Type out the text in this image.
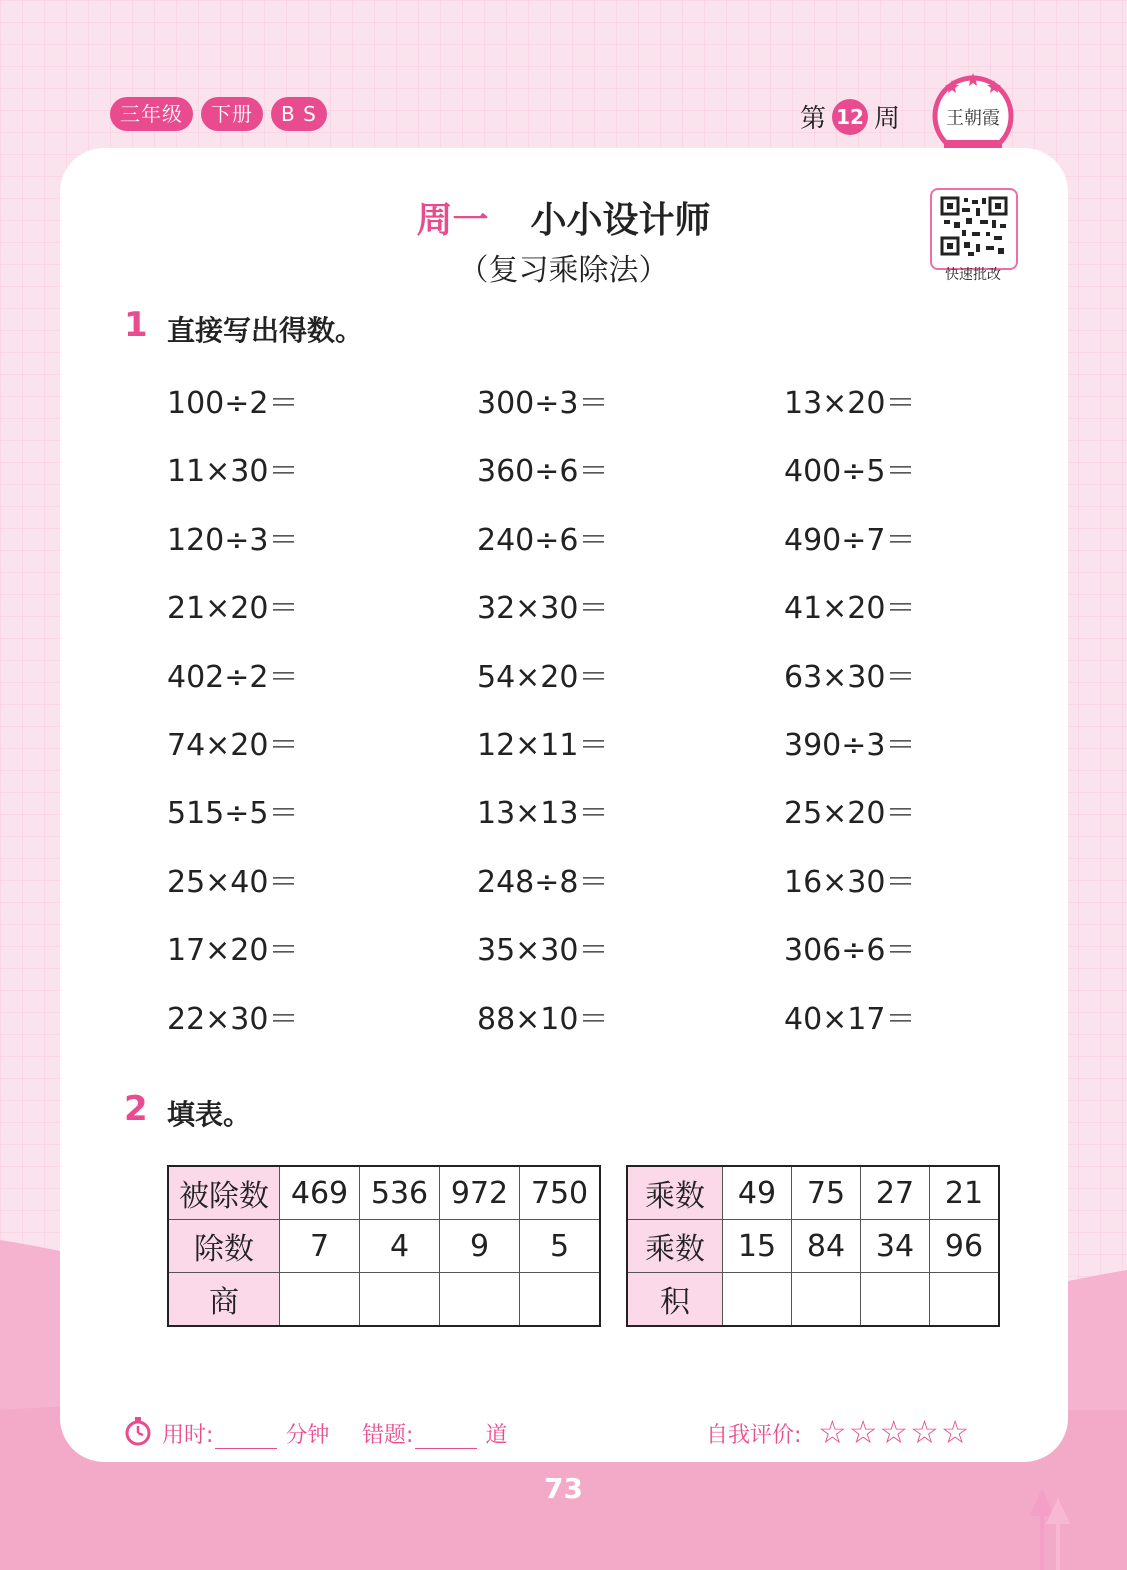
三年级	下册	B S	第 12 周	王朝霞
快速批改
周一 小小设计师
（复习乘除法）
1 直接写出得数。
100÷2＝	300÷3＝	13×20＝
11×30＝	360÷6＝	400÷5＝
120÷3＝	240÷6＝	490÷7＝
21×20＝	32×30＝	41×20＝
402÷2＝	54×20＝	63×30＝
74×20＝	12×11＝	390÷3＝
515÷5＝	13×13＝	25×20＝
25×40＝	248÷8＝	16×30＝
17×20＝	35×30＝	306÷6＝
22×30＝	88×10＝	40×17＝
2 填表。
被除数	469	536	972	750
除数	7	4	9	5
商				
乘数	49	75	27	21
乘数	15	84	34	96
积				
用时:	分钟 错题:	道	自我评价: ☆☆☆☆☆
73
